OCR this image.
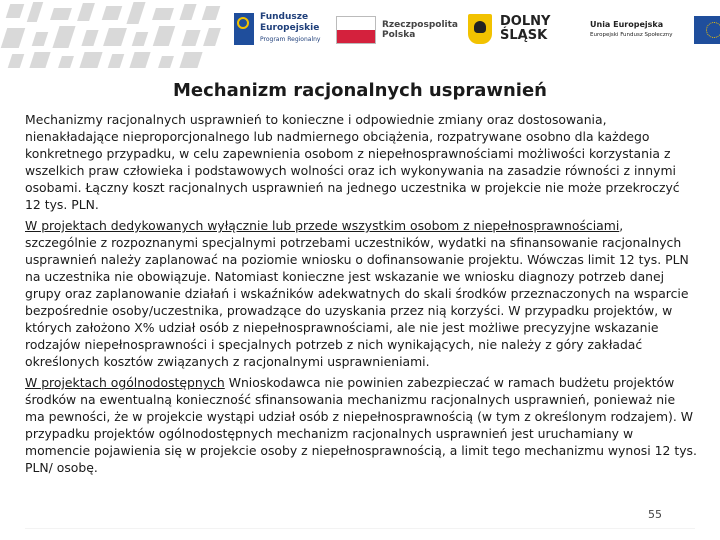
Fundusze
Europejskie
Program Regionalny
Rzeczpospolita
Polska
DOLNY
ŚLĄSK
Unia Europejska
Europejski Fundusz Społeczny
Mechanizm racjonalnych usprawnień

Mechanizmy racjonalnych usprawnień to konieczne i odpowiednie zmiany oraz dostosowania, nienakładające nieproporcjonalnego lub nadmiernego obciążenia, rozpatrywane osobno dla każdego konkretnego przypadku, w celu zapewnienia osobom z niepełnosprawnościami możliwości korzystania z wszelkich praw człowieka i podstawowych wolności oraz ich wykonywania na zasadzie równości z innymi osobami. Łączny koszt racjonalnych usprawnień na jednego uczestnika w projekcie nie może przekroczyć 12 tys. PLN.

W projektach dedykowanych wyłącznie lub przede wszystkim osobom z niepełnosprawnościami, szczególnie z rozpoznanymi specjalnymi potrzebami uczestników, wydatki na sfinansowanie racjonalnych usprawnień należy zaplanować na poziomie wniosku o dofinansowanie projektu. Wówczas limit 12 tys. PLN na uczestnika nie obowiązuje. Natomiast konieczne jest wskazanie we wniosku diagnozy potrzeb danej grupy oraz zaplanowanie działań i wskaźników adekwatnych do skali środków przeznaczonych na wsparcie bezpośrednie osoby/uczestnika, prowadzące do uzyskania przez nią korzyści. W przypadku projektów, w których założono X% udział osób z niepełnosprawnościami, ale nie jest możliwe precyzyjne wskazanie rodzajów niepełnosprawności i specjalnych potrzeb z nich wynikających, nie należy z góry zakładać określonych kosztów związanych z racjonalnymi usprawnieniami.

W projektach ogólnodostępnych Wnioskodawca nie powinien zabezpieczać w ramach budżetu projektów środków na ewentualną konieczność sfinansowania mechanizmu racjonalnych usprawnień, ponieważ nie ma pewności, że w projekcie wystąpi udział osób z niepełnosprawnością (w tym z określonym rodzajem). W przypadku projektów ogólnodostępnych mechanizm racjonalnych usprawnień jest uruchamiany w momencie pojawienia się w projekcie osoby z niepełnosprawnością, a limit tego mechanizmu wynosi 12 tys. PLN/ osobę.

55
